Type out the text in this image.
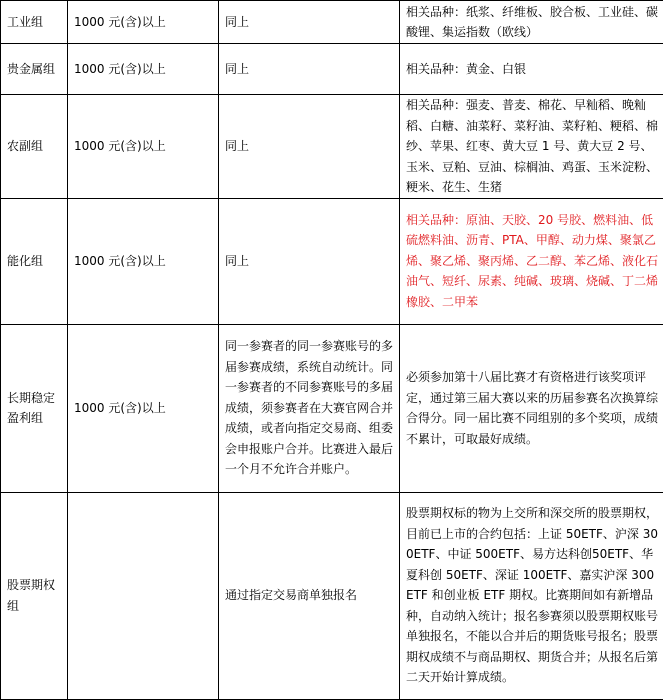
工业组	1000 元(含)以上	同上	相关品种：纸浆、纤维板、胶合板、工业硅、碳酸锂、集运指数（欧线）
贵金属组	1000 元(含)以上	同上	相关品种：黄金、白银
农副组	1000 元(含)以上	同上	相关品种：强麦、普麦、棉花、早籼稻、晚籼稻、白糖、油菜籽、菜籽油、菜籽粕、粳稻、棉纱、苹果、红枣、黄大豆 1 号、黄大豆 2 号、玉米、豆粕、豆油、棕榈油、鸡蛋、玉米淀粉、粳米、花生、生猪
能化组	1000 元(含)以上	同上	相关品种：原油、天胶、20 号胶、燃料油、低硫燃料油、沥青、PTA、甲醇、动力煤、聚氯乙烯、聚乙烯、聚丙烯、乙二醇、苯乙烯、液化石油气、短纤、尿素、纯碱、玻璃、烧碱、丁二烯橡胶、二甲苯
长期稳定盈利组	1000 元(含)以上	同一参赛者的同一参赛账号的多届参赛成绩，系统自动统计。同一参赛者的不同参赛账号的多届成绩，须参赛者在大赛官网合并成绩，或者向指定交易商、组委会申报账户合并。比赛进入最后一个月不允许合并账户。	必须参加第十八届比赛才有资格进行该奖项评定，通过第三届大赛以来的历届参赛名次换算综合得分。同一届比赛不同组别的多个奖项，成绩不累计，可取最好成绩。
股票期权组		通过指定交易商单独报名	股票期权标的物为上交所和深交所的股票期权，目前已上市的合约包括：上证 50ETF、沪深 300ETF、中证 500ETF、易方达科创50ETF、华夏科创 50ETF、深证 100ETF、嘉实沪深 300ETF 和创业板 ETF 期权。比赛期间如有新增品种，自动纳入统计；报名参赛须以股票期权账号单独报名，不能以合并后的期货账号报名；股票期权成绩不与商品期权、期货合并；从报名后第二天开始计算成绩。
